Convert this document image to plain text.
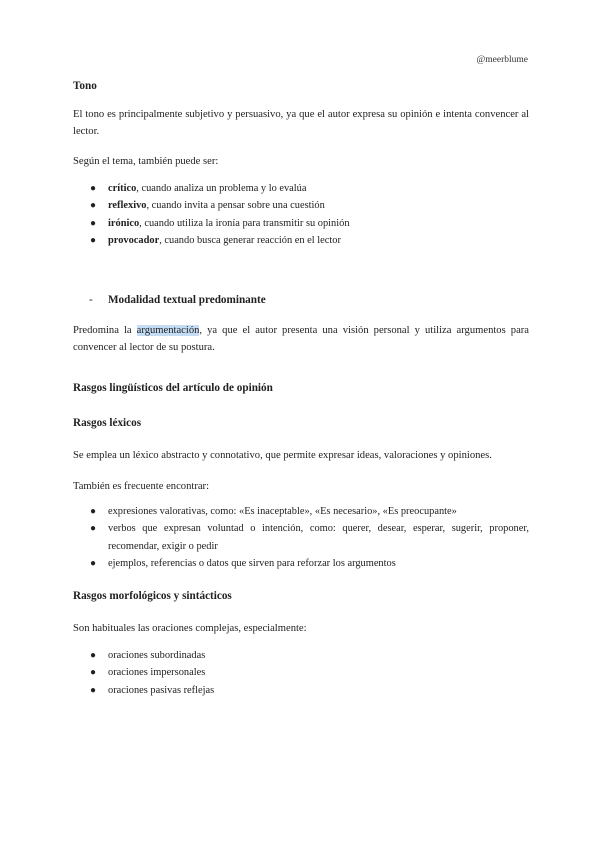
@meerblume
Tono
El tono es principalmente subjetivo y persuasivo, ya que el autor expresa su opinión e intenta convencer al lector.
Según el tema, también puede ser:
● crítico, cuando analiza un problema y lo evalúa
● reflexivo, cuando invita a pensar sobre una cuestión
● irónico, cuando utiliza la ironía para transmitir su opinión
● provocador, cuando busca generar reacción en el lector
- Modalidad textual predominante
Predomina la argumentación, ya que el autor presenta una visión personal y utiliza argumentos para convencer al lector de su postura.
Rasgos lingüísticos del artículo de opinión
Rasgos léxicos
Se emplea un léxico abstracto y connotativo, que permite expresar ideas, valoraciones y opiniones.
También es frecuente encontrar:
● expresiones valorativas, como: «Es inaceptable», «Es necesario», «Es preocupante»
● verbos que expresan voluntad o intención, como: querer, desear, esperar, sugerir, proponer, recomendar, exigir o pedir
● ejemplos, referencias o datos que sirven para reforzar los argumentos
Rasgos morfológicos y sintácticos
Son habituales las oraciones complejas, especialmente:
● oraciones subordinadas
● oraciones impersonales
● oraciones pasivas reflejas
